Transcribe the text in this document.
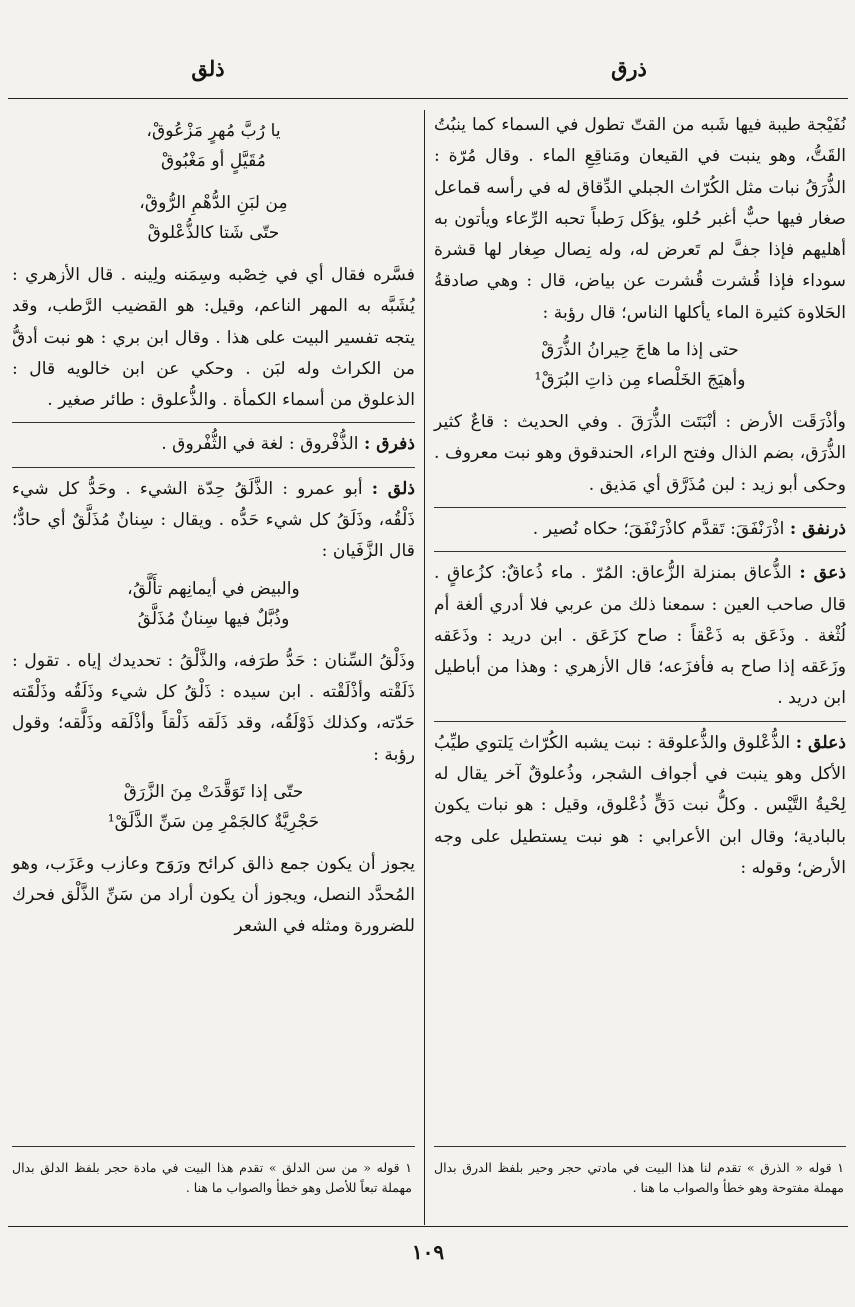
ذرق
ذلق

نُفَيْجة طيبة فيها شَبه من القتّ تطول في السماء كما ينبُتُ القَتُّ، وهو ينبت في القيعان ومَناقِعِ الماء . وقال مُرّة : الذُّرَقُ نبات مثل الكُرّاث الجبلي الدِّقاق له في رأسه قماعل صغار فيها حبٌّ أغبر حُلو، يؤكَل رَطباً تحبه الرِّعاء ويأتون به أهليهم فإذا جفَّ لم تَعرض له، وله نِصال صِغار لها قشرة سوداء فإذا قُشرت قُشرت عن بياض، قال : وهي صادقةُ الحَلاوة كثيرة الماء يأكلها الناس؛ قال رؤبة :

حتى إذا ما هاجَ حِيرانُ الذُّرَقْ
وأهيَجَ الخَلْصاء مِن ذاتِ البُرَقْ¹

وأذْرَقَت الأرض : أنْبَتَت الذُّرَقَ . وفي الحديث : قاعٌ كثير الذُّرَق، بضم الذال وفتح الراء، الحندقوق وهو نبت معروف . وحكى أبو زيد : لبن مُذَرَّق أي مَذيق .

ذرنفق : اذْرَنْفَقَ: تَقدَّم كاذْرَنْفَقَ؛ حكاه نُصير .

ذعق : الذُّعاق بمنزلة الزُّعاق: المُرّ . ماء ذُعاقٌ: كزُعاقٍ . قال صاحب العين : سمعنا ذلك من عربي فلا أدري ألغة أم لُثْغة . وذَعَق به ذَعْقاً : صاح كزَعَق . ابن دريد : وذَعَقه وزَعَقه إذا صاح به فأفزَعه؛ قال الأزهري : وهذا من أباطيل ابن دريد .

ذعلق : الذُّعْلوق والذُّعلوقة : نبت يشبه الكُرّاث يَلتوي طيِّبُ الأكل وهو ينبت في أجواف الشجر، وذُعلوقٌ آخر يقال له لِحْيةُ التَّيْس . وكلُّ نبت دَقٍّ ذُعْلوق، وقيل : هو نبات يكون بالبادية؛ وقال ابن الأعرابي : هو نبت يستطيل على وجه الأرض؛ وقوله :

يا رُبَّ مُهرٍ مَزْعُوقْ،
مُقَيَّلٍ أو مَغْبُوقْ
مِن لبَنِ الدُّهْمِ الرُّوقْ،
حتّى شَتا كالذُّعْلوقْ

فسَّره فقال أي في خِصْبه وسِمَنه ولِينه . قال الأزهري : يُشَبَّه به المهر الناعم، وقيل: هو القضيب الرَّطب، وقد يتجه تفسير البيت على هذا . وقال ابن بري : هو نبت أدقُّ من الكراث وله لبَن . وحكي عن ابن خالويه قال : الذعلوق من أسماء الكمأة . والذُّعلوق : طائر صغير .

ذفرق : الذُّفْروق : لغة في الثُّفْروق .

ذلق : أبو عمرو : الذَّلَقُ حِدّة الشيء . وحَدُّ كل شيء ذَلْقُه، وذَلَقُ كل شيء حَدُّه . ويقال : سِنانٌ مُذَلَّقٌ أي حادٌّ؛ قال الزَّفَيان :

والبيض في أيمانِهم تأَلَّقُ،
وذُبَّلٌ فيها سِنانٌ مُذَلَّقُ

وذَلْقُ السِّنان : حَدُّ طرَفه، والذَّلْقُ : تحديدك إياه . تقول : ذَلَقْته وأذْلَقْته . ابن سيده : ذَلْقُ كل شيء وذَلَقُه وذَلْقَته حَدّته، وكذلك ذَوْلَقُه، وقد ذَلَقه ذَلْقاً وأذْلَقه وذَلَّقه؛ وقول رؤبة :

حتّى إذا تَوَقَّدَتْ مِنَ الزَّرَقْ
حَجْرِيَّةٌ كالجَمْرِ مِن سَنِّ الذَّلَقْ¹

يجوز أن يكون جمع ذالق كرائح ورَوَح وعازب وعَزَب، وهو المُحدَّد النصل، ويجوز أن يكون أراد من سَنِّ الذَّلْق فحرك للضرورة ومثله في الشعر

١ قوله « الذرق » تقدم لنا هذا البيت في مادتي حجر وحير بلفظ الدرق بدال مهملة مفتوحة وهو خطأ والصواب ما هنا .
١ قوله « من سن الدلق » تقدم هذا البيت في مادة حجر بلفظ الدلق بدال مهملة تبعاً للأصل وهو خطأ والصواب ما هنا .
١٠٩
